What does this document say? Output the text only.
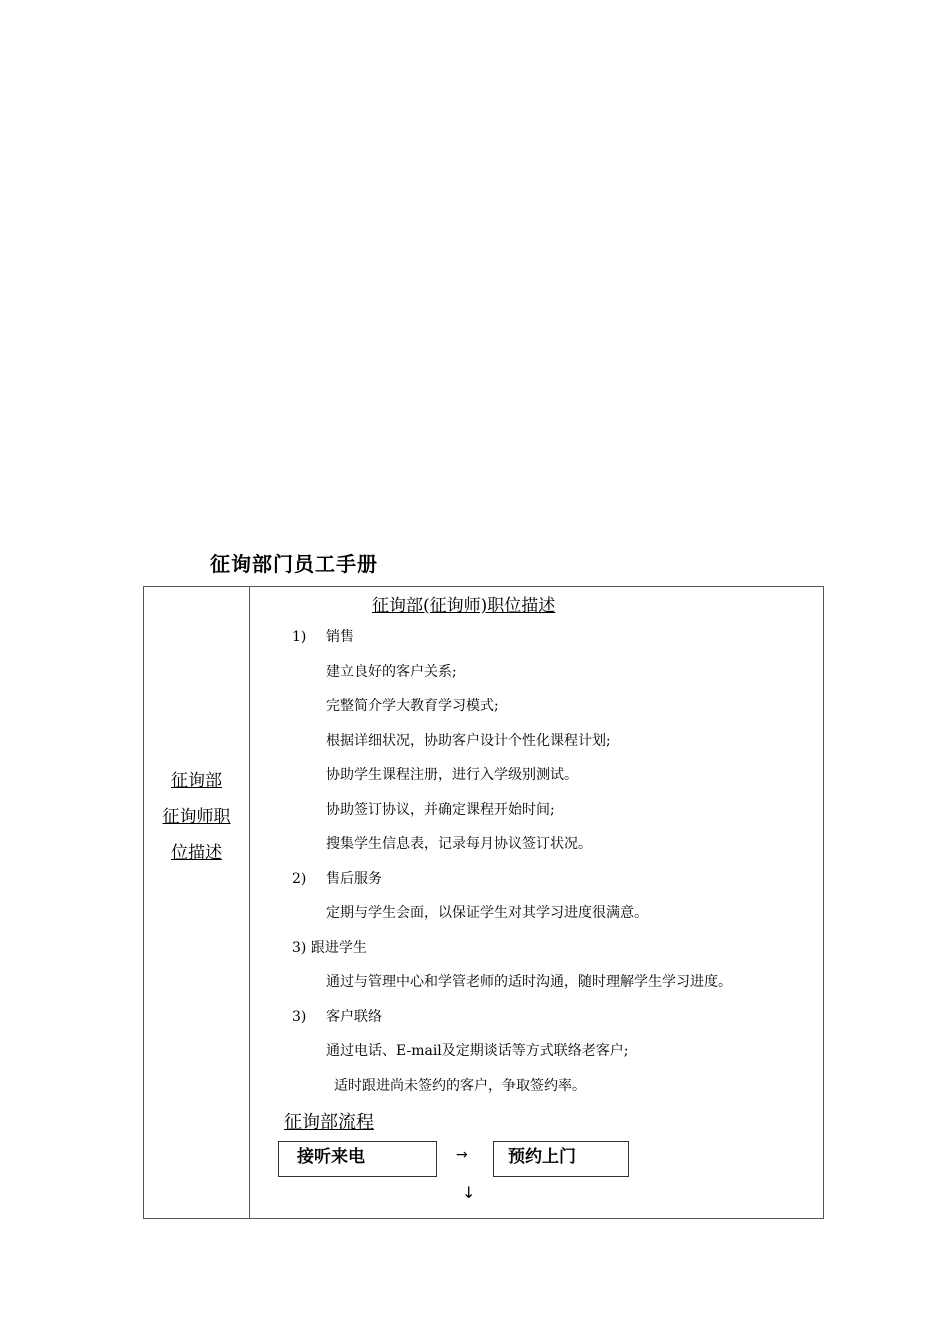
征询部门员工手册
征询部
征询师职
位描述
征询部(征询师)职位描述
1) 销售
建立良好的客户关系;
完整简介学大教育学习模式;
根据详细状况，协助客户设计个性化课程计划;
协助学生课程注册，进行入学级别测试。
协助签订协议，并确定课程开始时间;
搜集学生信息表，记录每月协议签订状况。
2) 售后服务
定期与学生会面，以保证学生对其学习进度很满意。
3) 跟进学生
通过与管理中心和学管老师的适时沟通，随时理解学生学习进度。
3) 客户联络
通过电话、E-mail及定期谈话等方式联络老客户;
适时跟进尚未签约的客户，争取签约率。
征询部流程
接听来电	→	预约上门
↓
